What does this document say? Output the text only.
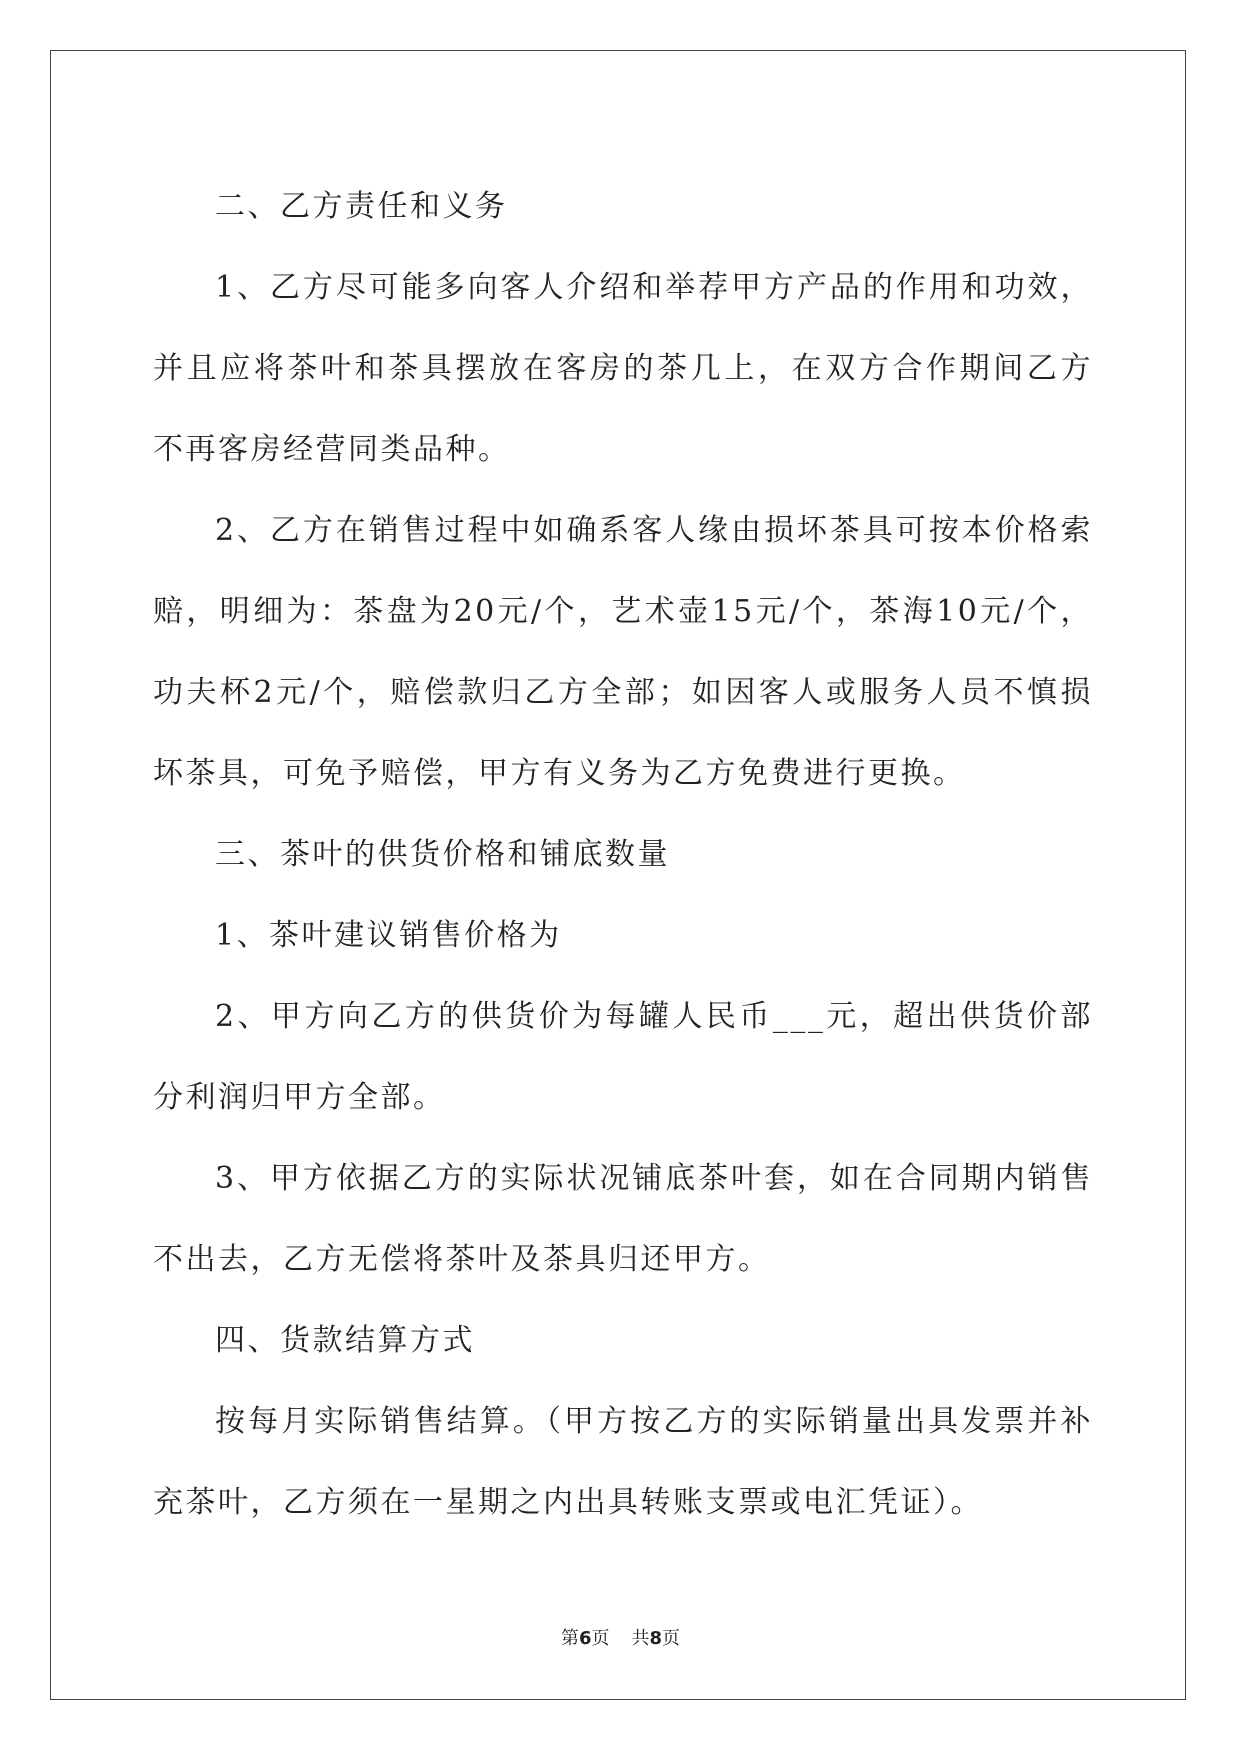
二、乙方责任和义务

1、乙方尽可能多向客人介绍和举荐甲方产品的作用和功效，并且应将茶叶和茶具摆放在客房的茶几上，在双方合作期间乙方不再客房经营同类品种。

2、乙方在销售过程中如确系客人缘由损坏茶具可按本价格索赔，明细为：茶盘为20元/个，艺术壶15元/个，茶海10元/个，功夫杯2元/个，赔偿款归乙方全部；如因客人或服务人员不慎损坏茶具，可免予赔偿，甲方有义务为乙方免费进行更换。

三、茶叶的供货价格和铺底数量

1、茶叶建议销售价格为

2、甲方向乙方的供货价为每罐人民币___元，超出供货价部分利润归甲方全部。

3、甲方依据乙方的实际状况铺底茶叶套，如在合同期内销售不出去，乙方无偿将茶叶及茶具归还甲方。

四、货款结算方式

按每月实际销售结算。（甲方按乙方的实际销量出具发票并补充茶叶，乙方须在一星期之内出具转账支票或电汇凭证）。

第6页 共8页
